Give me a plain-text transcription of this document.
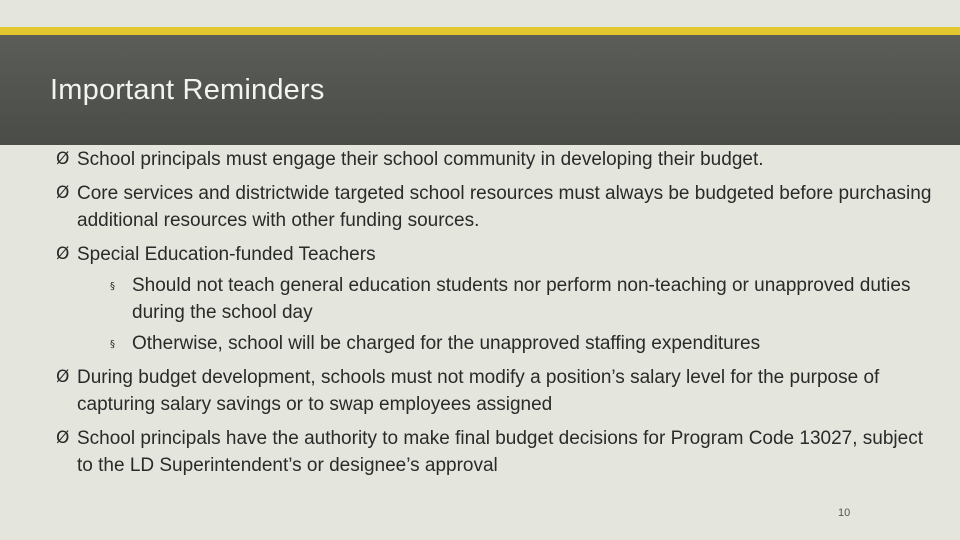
Important Reminders
Ø School principals must engage their school community in developing their budget.
Ø Core services and districtwide targeted school resources must always be budgeted before purchasing additional resources with other funding sources.
Ø Special Education-funded Teachers
§ Should not teach general education students nor perform non-teaching or unapproved duties during the school day
§ Otherwise, school will be charged for the unapproved staffing expenditures
Ø During budget development, schools must not modify a position’s salary level for the purpose of capturing salary savings or to swap employees assigned
Ø School principals have the authority to make final budget decisions for Program Code 13027, subject to the LD Superintendent’s or designee’s approval
10
